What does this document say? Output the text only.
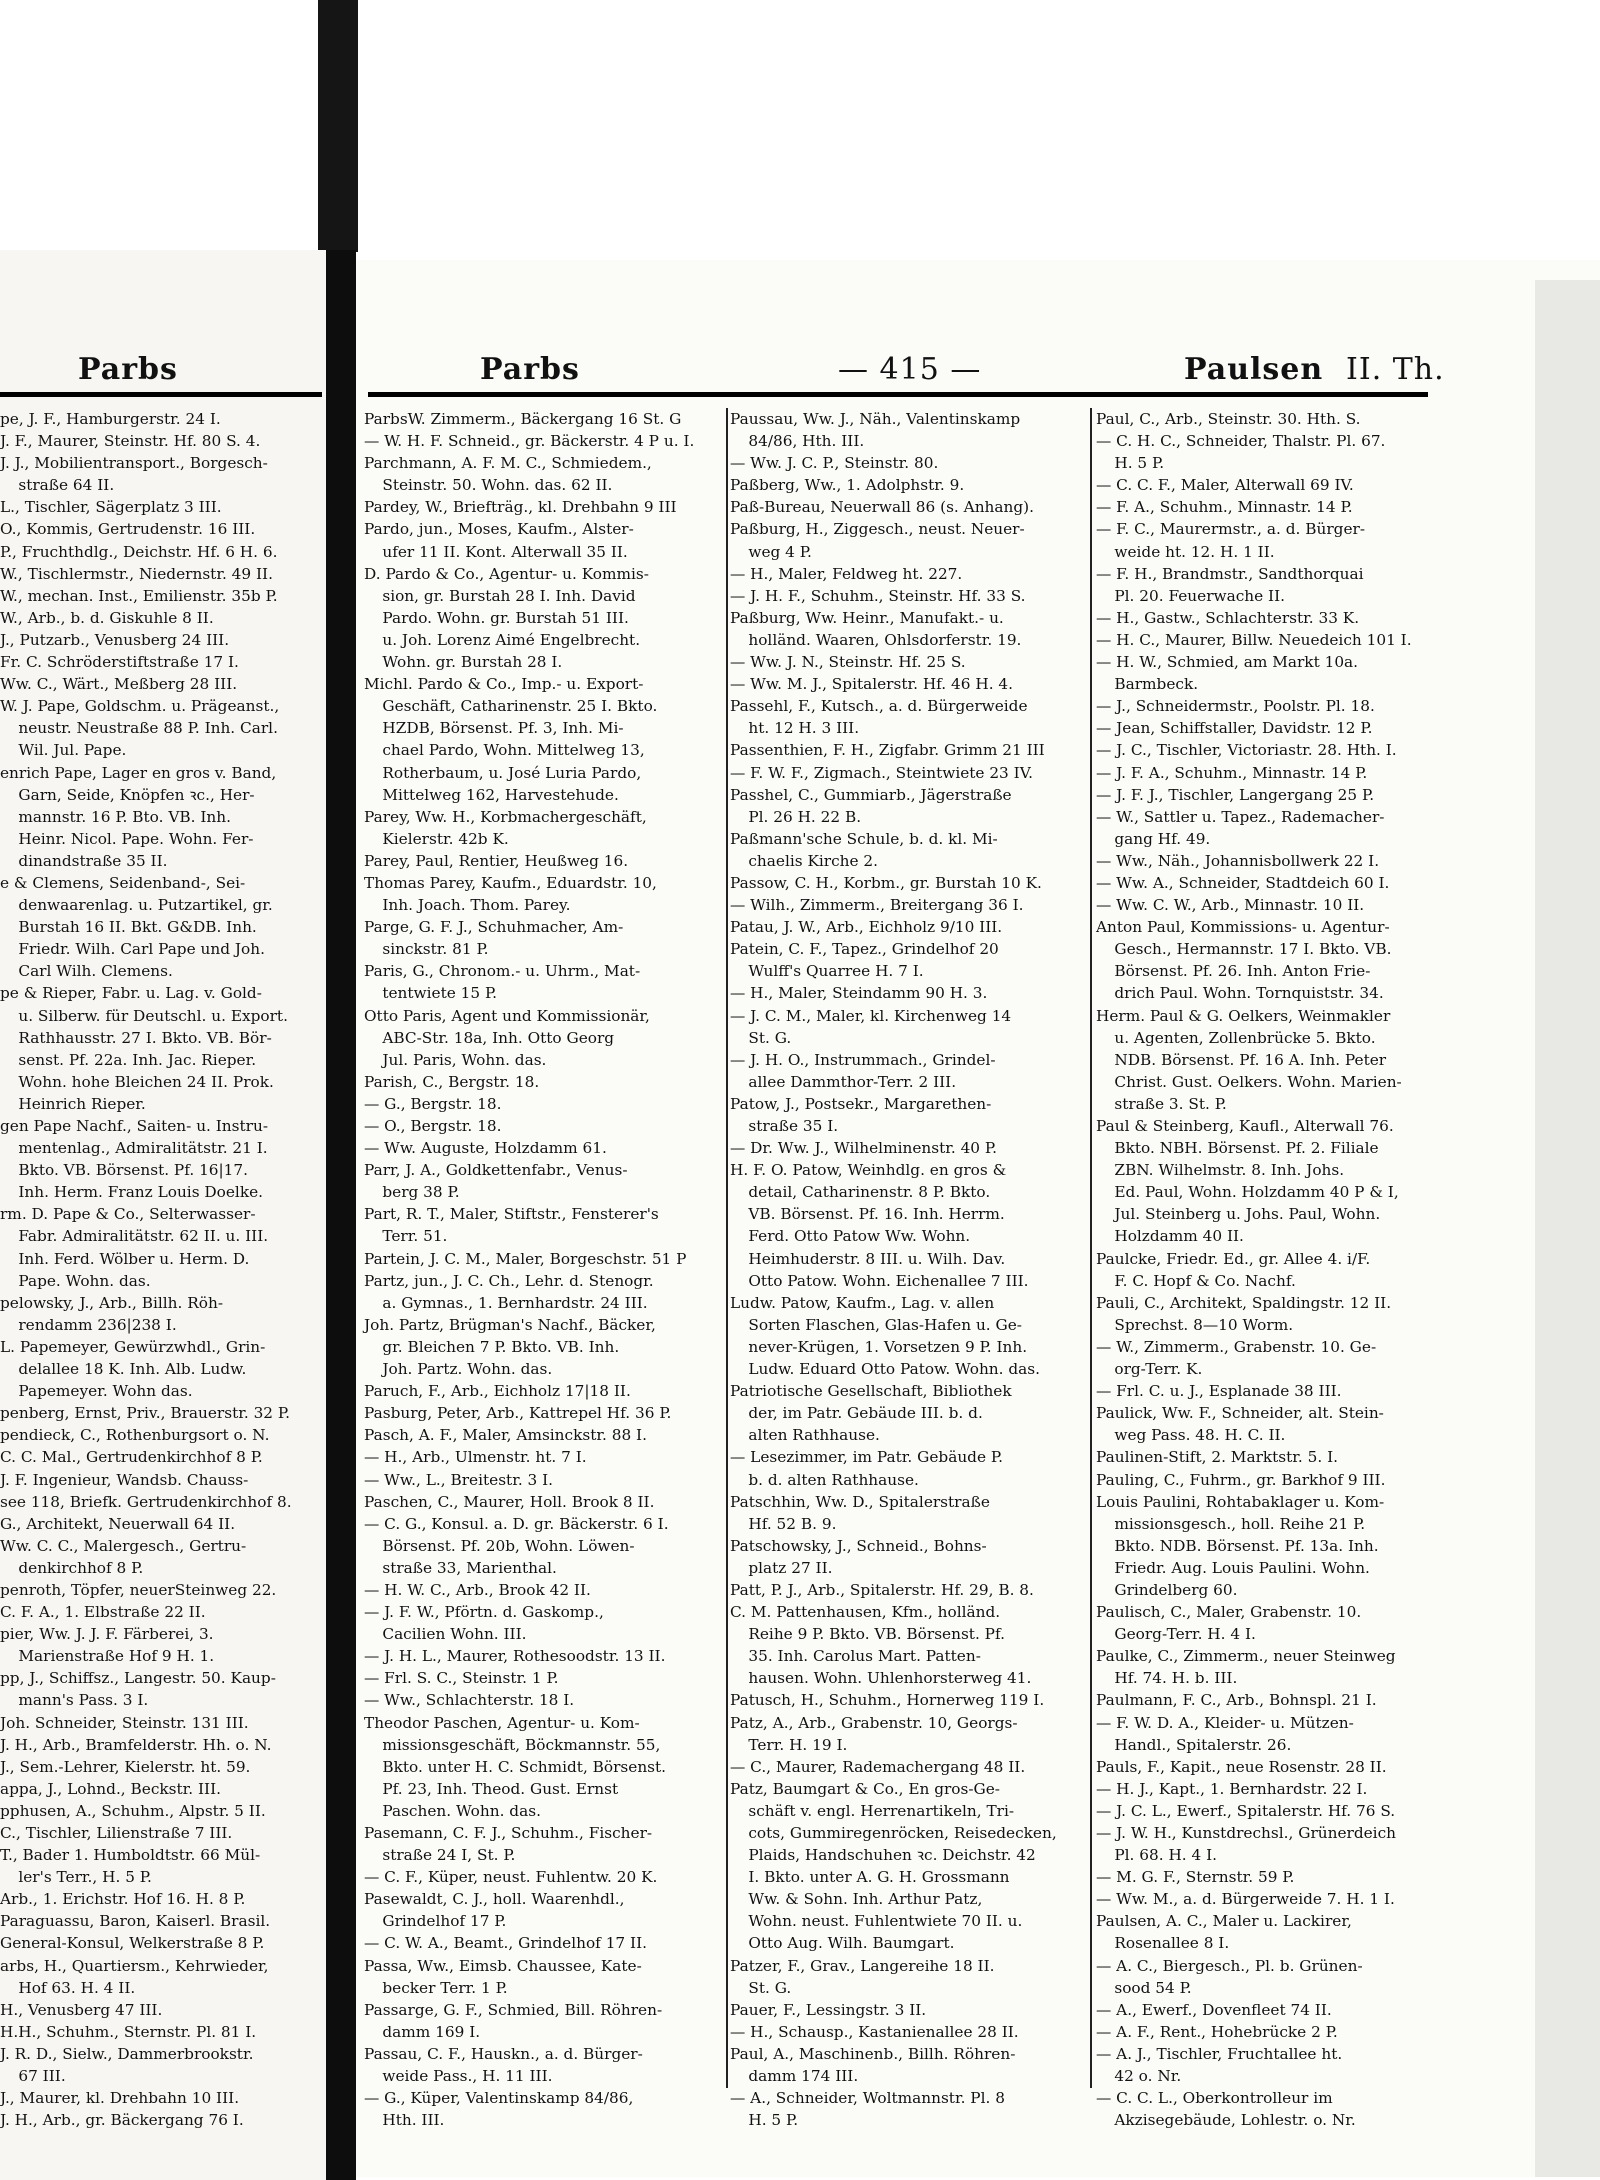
Parbs
pe, J. F., Hamburgerstr. 24 I.
J. F., Maurer, Steinstr. Hf. 80 S. 4.
J. J., Mobilientransport., Borgesch-
straße 64 II.
L., Tischler, Sägerplatz 3 III.
O., Kommis, Gertrudenstr. 16 III.
P., Fruchthdlg., Deichstr. Hf. 6 H. 6.
W., Tischlermstr., Niedernstr. 49 II.
W., mechan. Inst., Emilienstr. 35b P.
W., Arb., b. d. Giskuhle 8 II.
J., Putzarb., Venusberg 24 III.
Fr. C. Schröderstiftstraße 17 I.
Ww. C., Wärt., Meßberg 28 III.
W. J. Pape, Goldschm. u. Prägeanst.,
neustr. Neustraße 88 P. Inh. Carl.
Wil. Jul. Pape.
enrich Pape, Lager en gros v. Band,
Garn, Seide, Knöpfen ꝛc., Her-
mannstr. 16 P. Bto. VB. Inh.
Heinr. Nicol. Pape. Wohn. Fer-
dinandstraße 35 II.
e & Clemens, Seidenband-, Sei-
denwaarenlag. u. Putzartikel, gr.
Burstah 16 II. Bkt. G&DB. Inh.
Friedr. Wilh. Carl Pape und Joh.
Carl Wilh. Clemens.
pe & Rieper, Fabr. u. Lag. v. Gold-
u. Silberw. für Deutschl. u. Export.
Rathhausstr. 27 I. Bkto. VB. Bör-
senst. Pf. 22a. Inh. Jac. Rieper.
Wohn. hohe Bleichen 24 II. Prok.
Heinrich Rieper.
gen Pape Nachf., Saiten- u. Instru-
mentenlag., Admiralitätstr. 21 I.
Bkto. VB. Börsenst. Pf. 16|17.
Inh. Herm. Franz Louis Doelke.
rm. D. Pape & Co., Selterwasser-
Fabr. Admiralitätstr. 62 II. u. III.
Inh. Ferd. Wölber u. Herm. D.
Pape. Wohn. das.
pelowsky, J., Arb., Billh. Röh-
rendamm 236|238 I.
L. Papemeyer, Gewürzwhdl., Grin-
delallee 18 K. Inh. Alb. Ludw.
Papemeyer. Wohn das.
penberg, Ernst, Priv., Brauerstr. 32 P.
pendieck, C., Rothenburgsort o. N.
C. C. Mal., Gertrudenkirchhof 8 P.
J. F. Ingenieur, Wandsb. Chauss-
see 118, Briefk. Gertrudenkirchhof 8.
G., Architekt, Neuerwall 64 II.
Ww. C. C., Malergesch., Gertru-
denkirchhof 8 P.
penroth, Töpfer, neuerSteinweg 22.
C. F. A., 1. Elbstraße 22 II.
pier, Ww. J. J. F. Färberei, 3.
Marienstraße Hof 9 H. 1.
pp, J., Schiffsz., Langestr. 50. Kaup-
mann's Pass. 3 I.
Joh. Schneider, Steinstr. 131 III.
J. H., Arb., Bramfelderstr. Hh. o. N.
J., Sem.-Lehrer, Kielerstr. ht. 59.
appa, J., Lohnd., Beckstr. III.
pphusen, A., Schuhm., Alpstr. 5 II.
C., Tischler, Lilienstraße 7 III.
T., Bader 1. Humboldtstr. 66 Mül-
ler's Terr., H. 5 P.
Arb., 1. Erichstr. Hof 16. H. 8 P.
Paraguassu, Baron, Kaiserl. Brasil.
General-Konsul, Welkerstraße 8 P.
arbs, H., Quartiersm., Kehrwieder,
Hof 63. H. 4 II.
H., Venusberg 47 III.
H.H., Schuhm., Sternstr. Pl. 81 I.
J. R. D., Sielw., Dammerbrookstr.
67 III.
J., Maurer, kl. Drehbahn 10 III.
J. H., Arb., gr. Bäckergang 76 I.
Parbs	— 415 —	Paulsen II. Th.
ParbsW. Zimmerm., Bäckergang 16 St. G
— W. H. F. Schneid., gr. Bäckerstr. 4 P u. I.
Parchmann, A. F. M. C., Schmiedem.,
Steinstr. 50. Wohn. das. 62 II.
Pardey, W., Briefträg., kl. Drehbahn 9 III
Pardo, jun., Moses, Kaufm., Alster-
ufer 11 II. Kont. Alterwall 35 II.
D. Pardo & Co., Agentur- u. Kommis-
sion, gr. Burstah 28 I. Inh. David
Pardo. Wohn. gr. Burstah 51 III.
u. Joh. Lorenz Aimé Engelbrecht.
Wohn. gr. Burstah 28 I.
Michl. Pardo & Co., Imp.- u. Export-
Geschäft, Catharinenstr. 25 I. Bkto.
HZDB, Börsenst. Pf. 3, Inh. Mi-
chael Pardo, Wohn. Mittelweg 13,
Rotherbaum, u. José Luria Pardo,
Mittelweg 162, Harvestehude.
Parey, Ww. H., Korbmachergeschäft,
Kielerstr. 42b K.
Parey, Paul, Rentier, Heußweg 16.
Thomas Parey, Kaufm., Eduardstr. 10,
Inh. Joach. Thom. Parey.
Parge, G. F. J., Schuhmacher, Am-
sinckstr. 81 P.
Paris, G., Chronom.- u. Uhrm., Mat-
tentwiete 15 P.
Otto Paris, Agent und Kommissionär,
ABC-Str. 18a, Inh. Otto Georg
Jul. Paris, Wohn. das.
Parish, C., Bergstr. 18.
— G., Bergstr. 18.
— O., Bergstr. 18.
— Ww. Auguste, Holzdamm 61.
Parr, J. A., Goldkettenfabr., Venus-
berg 38 P.
Part, R. T., Maler, Stiftstr., Fensterer's
Terr. 51.
Partein, J. C. M., Maler, Borgeschstr. 51 P
Partz, jun., J. C. Ch., Lehr. d. Stenogr.
a. Gymnas., 1. Bernhardstr. 24 III.
Joh. Partz, Brügman's Nachf., Bäcker,
gr. Bleichen 7 P. Bkto. VB. Inh.
Joh. Partz. Wohn. das.
Paruch, F., Arb., Eichholz 17|18 II.
Pasburg, Peter, Arb., Kattrepel Hf. 36 P.
Pasch, A. F., Maler, Amsinckstr. 88 I.
— H., Arb., Ulmenstr. ht. 7 I.
— Ww., L., Breitestr. 3 I.
Paschen, C., Maurer, Holl. Brook 8 II.
— C. G., Konsul. a. D. gr. Bäckerstr. 6 I.
Börsenst. Pf. 20b, Wohn. Löwen-
straße 33, Marienthal.
— H. W. C., Arb., Brook 42 II.
— J. F. W., Pförtn. d. Gaskomp.,
Cacilien Wohn. III.
— J. H. L., Maurer, Rothesoodstr. 13 II.
— Frl. S. C., Steinstr. 1 P.
— Ww., Schlachterstr. 18 I.
Theodor Paschen, Agentur- u. Kom-
missionsgeschäft, Böckmannstr. 55,
Bkto. unter H. C. Schmidt, Börsenst.
Pf. 23, Inh. Theod. Gust. Ernst
Paschen. Wohn. das.
Pasemann, C. F. J., Schuhm., Fischer-
straße 24 I, St. P.
— C. F., Küper, neust. Fuhlentw. 20 K.
Pasewaldt, C. J., holl. Waarenhdl.,
Grindelhof 17 P.
— C. W. A., Beamt., Grindelhof 17 II.
Passa, Ww., Eimsb. Chaussee, Kate-
becker Terr. 1 P.
Passarge, G. F., Schmied, Bill. Röhren-
damm 169 I.
Passau, C. F., Hauskn., a. d. Bürger-
weide Pass., H. 11 III.
— G., Küper, Valentinskamp 84/86,
Hth. III.
Paussau, Ww. J., Näh., Valentinskamp
84/86, Hth. III.
— Ww. J. C. P., Steinstr. 80.
Paßberg, Ww., 1. Adolphstr. 9.
Paß-Bureau, Neuerwall 86 (s. Anhang).
Paßburg, H., Ziggesch., neust. Neuer-
weg 4 P.
— H., Maler, Feldweg ht. 227.
— J. H. F., Schuhm., Steinstr. Hf. 33 S.
Paßburg, Ww. Heinr., Manufakt.- u.
holländ. Waaren, Ohlsdorferstr. 19.
— Ww. J. N., Steinstr. Hf. 25 S.
— Ww. M. J., Spitalerstr. Hf. 46 H. 4.
Passehl, F., Kutsch., a. d. Bürgerweide
ht. 12 H. 3 III.
Passenthien, F. H., Zigfabr. Grimm 21 III
— F. W. F., Zigmach., Steintwiete 23 IV.
Passhel, C., Gummiarb., Jägerstraße
Pl. 26 H. 22 B.
Paßmann'sche Schule, b. d. kl. Mi-
chaelis Kirche 2.
Passow, C. H., Korbm., gr. Burstah 10 K.
— Wilh., Zimmerm., Breitergang 36 I.
Patau, J. W., Arb., Eichholz 9/10 III.
Patein, C. F., Tapez., Grindelhof 20
Wulff's Quarree H. 7 I.
— H., Maler, Steindamm 90 H. 3.
— J. C. M., Maler, kl. Kirchenweg 14
St. G.
— J. H. O., Instrummach., Grindel-
allee Dammthor-Terr. 2 III.
Patow, J., Postsekr., Margarethen-
straße 35 I.
— Dr. Ww. J., Wilhelminenstr. 40 P.
H. F. O. Patow, Weinhdlg. en gros &
detail, Catharinenstr. 8 P. Bkto.
VB. Börsenst. Pf. 16. Inh. Herrm.
Ferd. Otto Patow Ww. Wohn.
Heimhuderstr. 8 III. u. Wilh. Dav.
Otto Patow. Wohn. Eichenallee 7 III.
Ludw. Patow, Kaufm., Lag. v. allen
Sorten Flaschen, Glas-Hafen u. Ge-
never-Krügen, 1. Vorsetzen 9 P. Inh.
Ludw. Eduard Otto Patow. Wohn. das.
Patriotische Gesellschaft, Bibliothek
der, im Patr. Gebäude III. b. d.
alten Rathhause.
— Lesezimmer, im Patr. Gebäude P.
b. d. alten Rathhause.
Patschhin, Ww. D., Spitalerstraße
Hf. 52 B. 9.
Patschowsky, J., Schneid., Bohns-
platz 27 II.
Patt, P. J., Arb., Spitalerstr. Hf. 29, B. 8.
C. M. Pattenhausen, Kfm., holländ.
Reihe 9 P. Bkto. VB. Börsenst. Pf.
35. Inh. Carolus Mart. Patten-
hausen. Wohn. Uhlenhorsterweg 41.
Patusch, H., Schuhm., Hornerweg 119 I.
Patz, A., Arb., Grabenstr. 10, Georgs-
Terr. H. 19 I.
— C., Maurer, Rademachergang 48 II.
Patz, Baumgart & Co., En gros-Ge-
schäft v. engl. Herrenartikeln, Tri-
cots, Gummiregenröcken, Reisedecken,
Plaids, Handschuhen ꝛc. Deichstr. 42
I. Bkto. unter A. G. H. Grossmann
Ww. & Sohn. Inh. Arthur Patz,
Wohn. neust. Fuhlentwiete 70 II. u.
Otto Aug. Wilh. Baumgart.
Patzer, F., Grav., Langereihe 18 II.
St. G.
Pauer, F., Lessingstr. 3 II.
— H., Schausp., Kastanienallee 28 II.
Paul, A., Maschinenb., Billh. Röhren-
damm 174 III.
— A., Schneider, Woltmannstr. Pl. 8
H. 5 P.
Paul, C., Arb., Steinstr. 30. Hth. S.
— C. H. C., Schneider, Thalstr. Pl. 67.
H. 5 P.
— C. C. F., Maler, Alterwall 69 IV.
— F. A., Schuhm., Minnastr. 14 P.
— F. C., Maurermstr., a. d. Bürger-
weide ht. 12. H. 1 II.
— F. H., Brandmstr., Sandthorquai
Pl. 20. Feuerwache II.
— H., Gastw., Schlachterstr. 33 K.
— H. C., Maurer, Billw. Neuedeich 101 I.
— H. W., Schmied, am Markt 10a.
Barmbeck.
— J., Schneidermstr., Poolstr. Pl. 18.
— Jean, Schiffstaller, Davidstr. 12 P.
— J. C., Tischler, Victoriastr. 28. Hth. I.
— J. F. A., Schuhm., Minnastr. 14 P.
— J. F. J., Tischler, Langergang 25 P.
— W., Sattler u. Tapez., Rademacher-
gang Hf. 49.
— Ww., Näh., Johannisbollwerk 22 I.
— Ww. A., Schneider, Stadtdeich 60 I.
— Ww. C. W., Arb., Minnastr. 10 II.
Anton Paul, Kommissions- u. Agentur-
Gesch., Hermannstr. 17 I. Bkto. VB.
Börsenst. Pf. 26. Inh. Anton Frie-
drich Paul. Wohn. Tornquiststr. 34.
Herm. Paul & G. Oelkers, Weinmakler
u. Agenten, Zollenbrücke 5. Bkto.
NDB. Börsenst. Pf. 16 A. Inh. Peter
Christ. Gust. Oelkers. Wohn. Marien-
straße 3. St. P.
Paul & Steinberg, Kaufl., Alterwall 76.
Bkto. NBH. Börsenst. Pf. 2. Filiale
ZBN. Wilhelmstr. 8. Inh. Johs.
Ed. Paul, Wohn. Holzdamm 40 P & I,
Jul. Steinberg u. Johs. Paul, Wohn.
Holzdamm 40 II.
Paulcke, Friedr. Ed., gr. Allee 4. i/F.
F. C. Hopf & Co. Nachf.
Pauli, C., Architekt, Spaldingstr. 12 II.
Sprechst. 8—10 Worm.
— W., Zimmerm., Grabenstr. 10. Ge-
org-Terr. K.
— Frl. C. u. J., Esplanade 38 III.
Paulick, Ww. F., Schneider, alt. Stein-
weg Pass. 48. H. C. II.
Paulinen-Stift, 2. Marktstr. 5. I.
Pauling, C., Fuhrm., gr. Barkhof 9 III.
Louis Paulini, Rohtabaklager u. Kom-
missionsgesch., holl. Reihe 21 P.
Bkto. NDB. Börsenst. Pf. 13a. Inh.
Friedr. Aug. Louis Paulini. Wohn.
Grindelberg 60.
Paulisch, C., Maler, Grabenstr. 10.
Georg-Terr. H. 4 I.
Paulke, C., Zimmerm., neuer Steinweg
Hf. 74. H. b. III.
Paulmann, F. C., Arb., Bohnspl. 21 I.
— F. W. D. A., Kleider- u. Mützen-
Handl., Spitalerstr. 26.
Pauls, F., Kapit., neue Rosenstr. 28 II.
— H. J., Kapt., 1. Bernhardstr. 22 I.
— J. C. L., Ewerf., Spitalerstr. Hf. 76 S.
— J. W. H., Kunstdrechsl., Grünerdeich
Pl. 68. H. 4 I.
— M. G. F., Sternstr. 59 P.
— Ww. M., a. d. Bürgerweide 7. H. 1 I.
Paulsen, A. C., Maler u. Lackirer,
Rosenallee 8 I.
— A. C., Biergesch., Pl. b. Grünen-
sood 54 P.
— A., Ewerf., Dovenfleet 74 II.
— A. F., Rent., Hohebrücke 2 P.
— A. J., Tischler, Fruchtallee ht.
42 o. Nr.
— C. C. L., Oberkontrolleur im
Akzisegebäude, Lohlestr. o. Nr.
